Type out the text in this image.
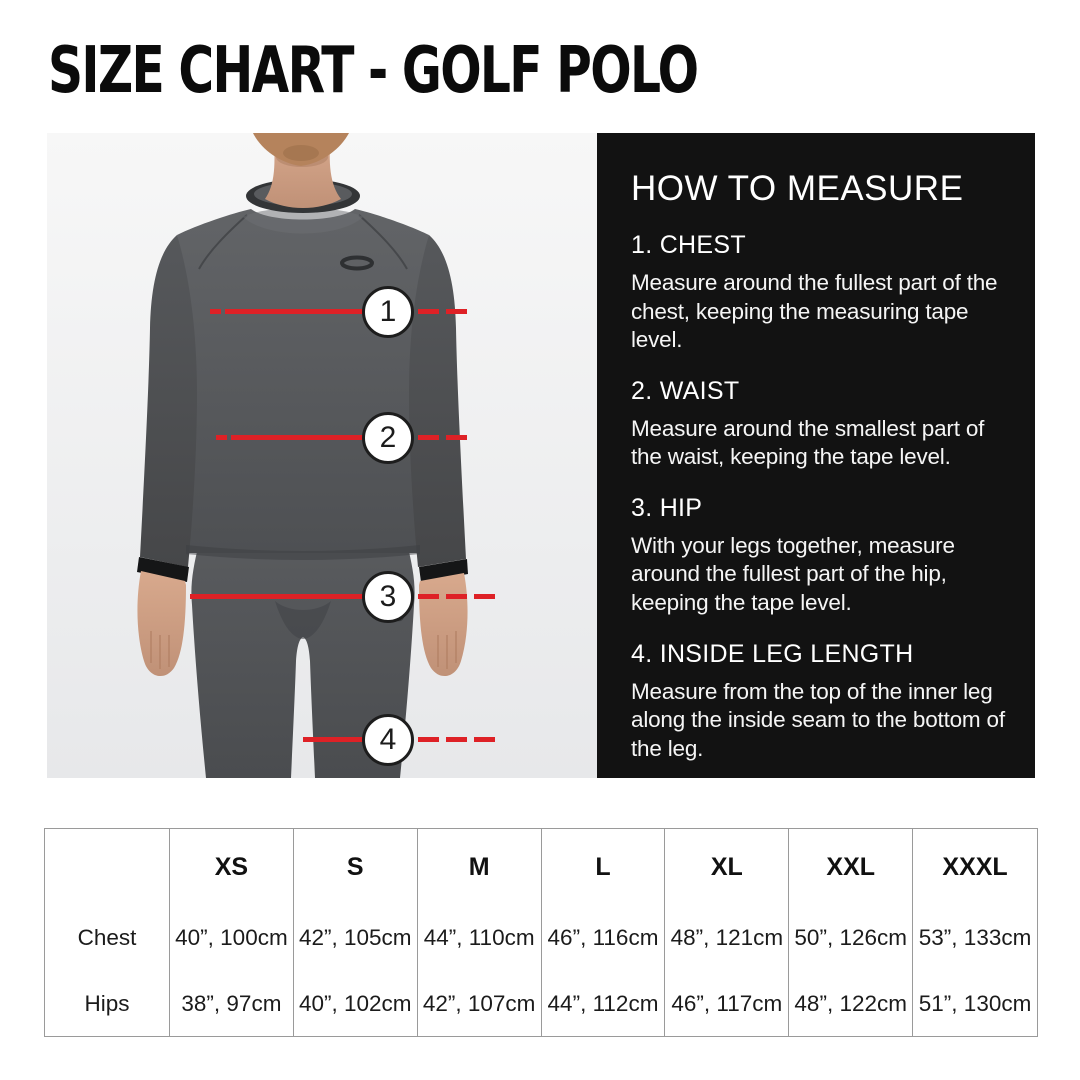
SIZE CHART - GOLF POLO
1
2
3
4
HOW TO MEASURE
1. CHEST

Measure around the fullest part of the chest, keeping the measuring tape level.

2. WAIST

Measure around the smallest part of the waist, keeping the tape level.

3. HIP

With your legs together, measure around the fullest part of the hip, keeping the tape level.

4. INSIDE LEG LENGTH

Measure from the top of the inner leg along the inside seam to the bottom of the leg.

XS	S	M	L	XL	XXL	XXXL
Chest	40”, 100cm 42”, 105cm 44”, 110cm 46”, 116cm 48”, 121cm 50”, 126cm 53”, 133cm
Hips	38”, 97cm 40”, 102cm 42”, 107cm 44”, 112cm 46”, 117cm 48”, 122cm 51”, 130cm
